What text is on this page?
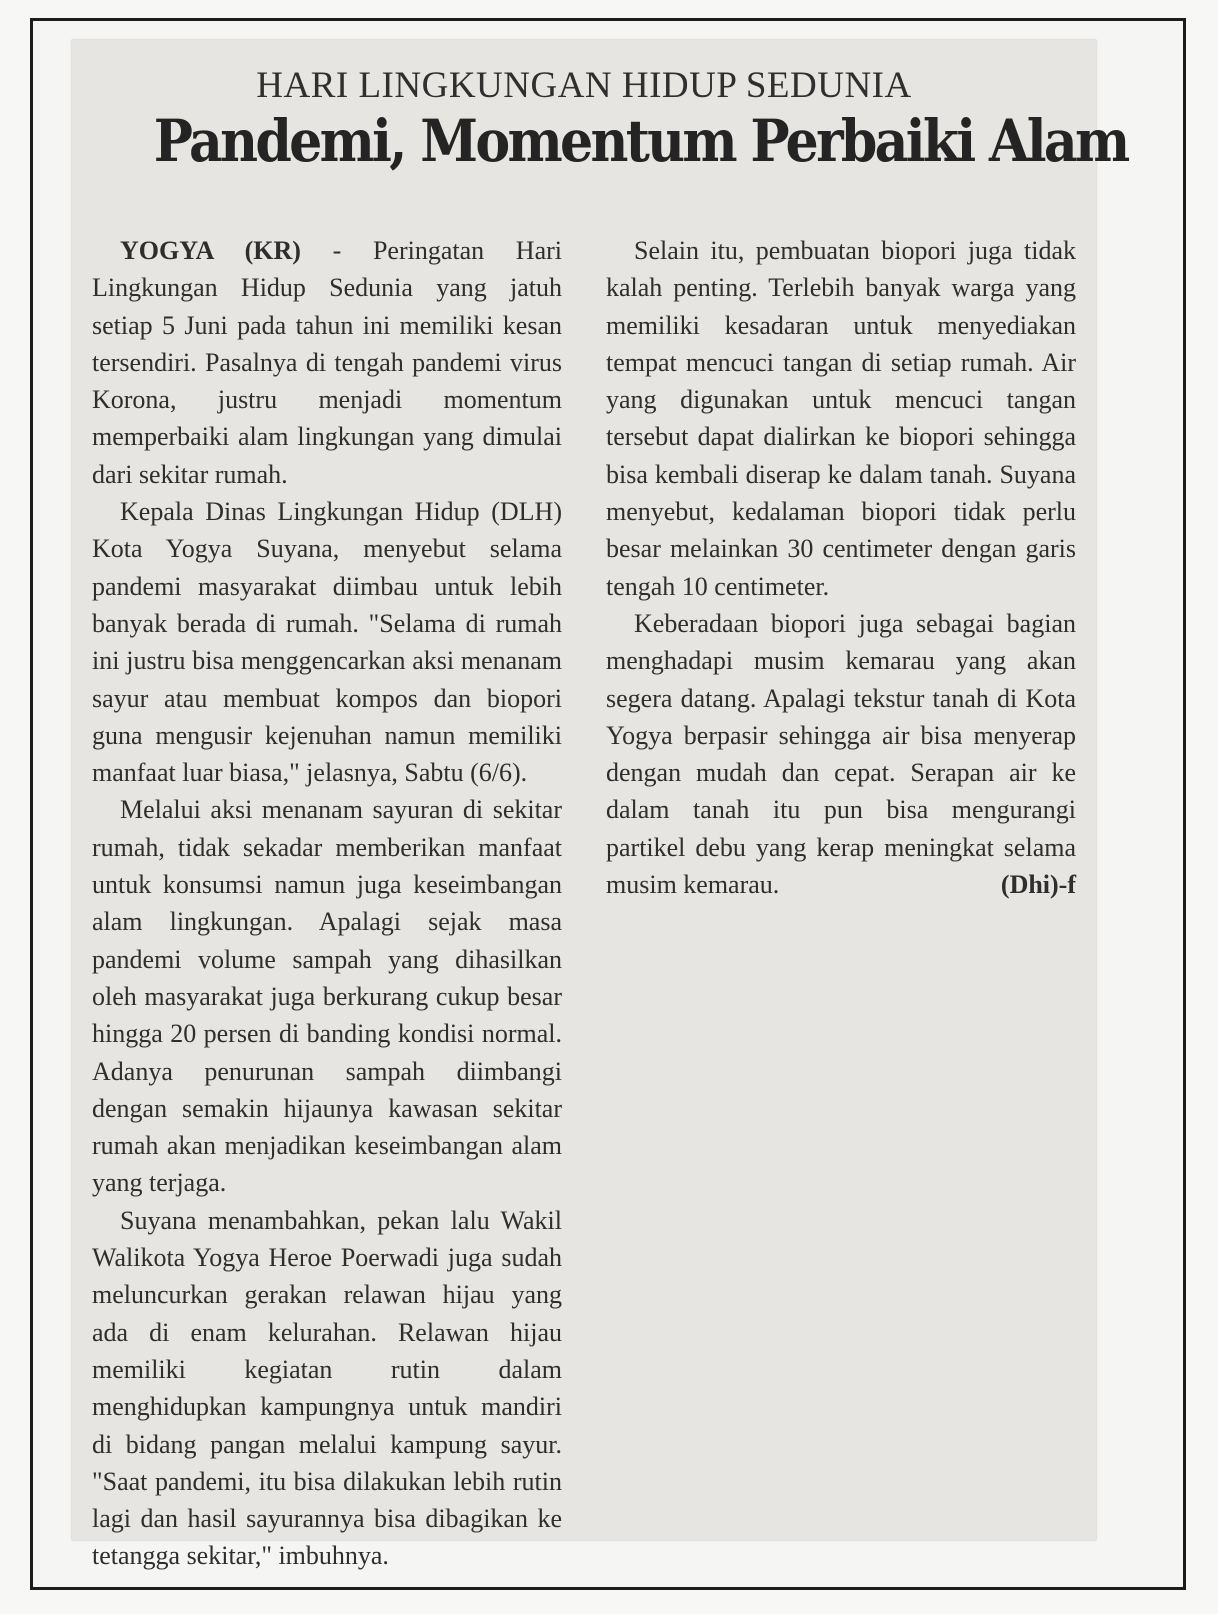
HARI LINGKUNGAN HIDUP SEDUNIA
Pandemi, Momentum Perbaiki Alam

YOGYA (KR) - Peringatan Hari Lingkungan Hidup Sedunia yang jatuh setiap 5 Juni pada tahun ini memiliki kesan tersendiri. Pasalnya di tengah pandemi virus Korona, justru menjadi momentum memperbaiki alam lingkungan yang dimulai dari sekitar rumah.

Kepala Dinas Lingkungan Hidup (DLH) Kota Yogya Suyana, menyebut selama pandemi masyarakat diimbau untuk lebih banyak berada di rumah. "Selama di rumah ini justru bisa menggencarkan aksi menanam sayur atau membuat kompos dan biopori guna mengusir kejenuhan namun memiliki manfaat luar biasa," jelasnya, Sabtu (6/6).

Melalui aksi menanam sayuran di sekitar rumah, tidak sekadar memberikan manfaat untuk konsumsi namun juga keseimbangan alam lingkungan. Apalagi sejak masa pandemi volume sampah yang dihasilkan oleh masyarakat juga berkurang cukup besar hingga 20 persen di banding kondisi normal. Adanya penurunan sampah diimbangi dengan semakin hijaunya kawasan sekitar rumah akan menjadikan keseimbangan alam yang terjaga.

Suyana menambahkan, pekan lalu Wakil Walikota Yogya Heroe Poerwadi juga sudah meluncurkan gerakan relawan hijau yang ada di enam kelurahan. Relawan hijau memiliki kegiatan rutin dalam menghidupkan kampungnya untuk mandiri di bidang pangan melalui kampung sayur. "Saat pandemi, itu bisa dilakukan lebih rutin lagi dan hasil sayurannya bisa dibagikan ke tetangga sekitar," imbuhnya.

Selain itu, pembuatan biopori juga tidak kalah penting. Terlebih banyak warga yang memiliki kesadaran untuk menyediakan tempat mencuci tangan di setiap rumah. Air yang digunakan untuk mencuci tangan tersebut dapat dialirkan ke biopori sehingga bisa kembali diserap ke dalam tanah. Suyana menyebut, kedalaman biopori tidak perlu besar melainkan 30 centimeter dengan garis tengah 10 centimeter.

Keberadaan biopori juga sebagai bagian menghadapi musim kemarau yang akan segera datang. Apalagi tekstur tanah di Kota Yogya berpasir sehingga air bisa menyerap dengan mudah dan cepat. Serapan air ke dalam tanah itu pun bisa mengurangi partikel debu yang kerap meningkat selama musim kemarau.	(Dhi)-f
